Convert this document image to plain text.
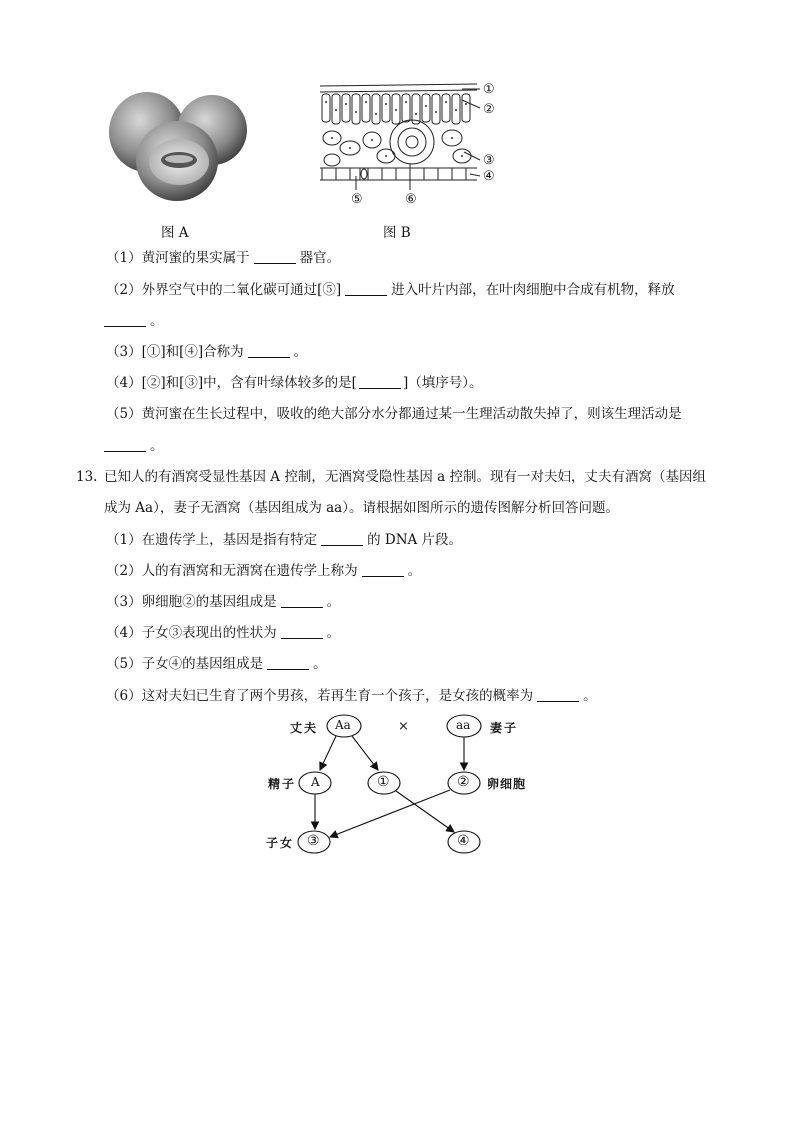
图 A
①
②
③
④
⑤	⑥
图 B
（1）黄河蜜的果实属于	器官。
（2）外界空气中的二氧化碳可通过[⑤]	进入叶片内部，在叶肉细胞中合成有机物，释放
。
（3）[①]和[④]合称为	。
（4）[②]和[③]中，含有叶绿体较多的是[	]（填序号）。
（5）黄河蜜在生长过程中，吸收的绝大部分水分都通过某一生理活动散失掉了，则该生理活动是
。
13. 已知人的有酒窝受显性基因 A 控制，无酒窝受隐性基因 a 控制。现有一对夫妇，丈夫有酒窝（基因组
成为 Aa），妻子无酒窝（基因组成为 aa）。请根据如图所示的遗传图解分析回答问题。
（1）在遗传学上，基因是指有特定	的 DNA 片段。
（2）人的有酒窝和无酒窝在遗传学上称为	。
（3）卵细胞②的基因组成是	。
（4）子女③表现出的性状为	。
（5）子女④的基因组成是	。
（6）这对夫妇已生育了两个男孩，若再生育一个孩子，是女孩的概率为	。
丈夫 Aa	×	aa 妻子
精子 A	①	② 卵细胞
子女 ③	④
